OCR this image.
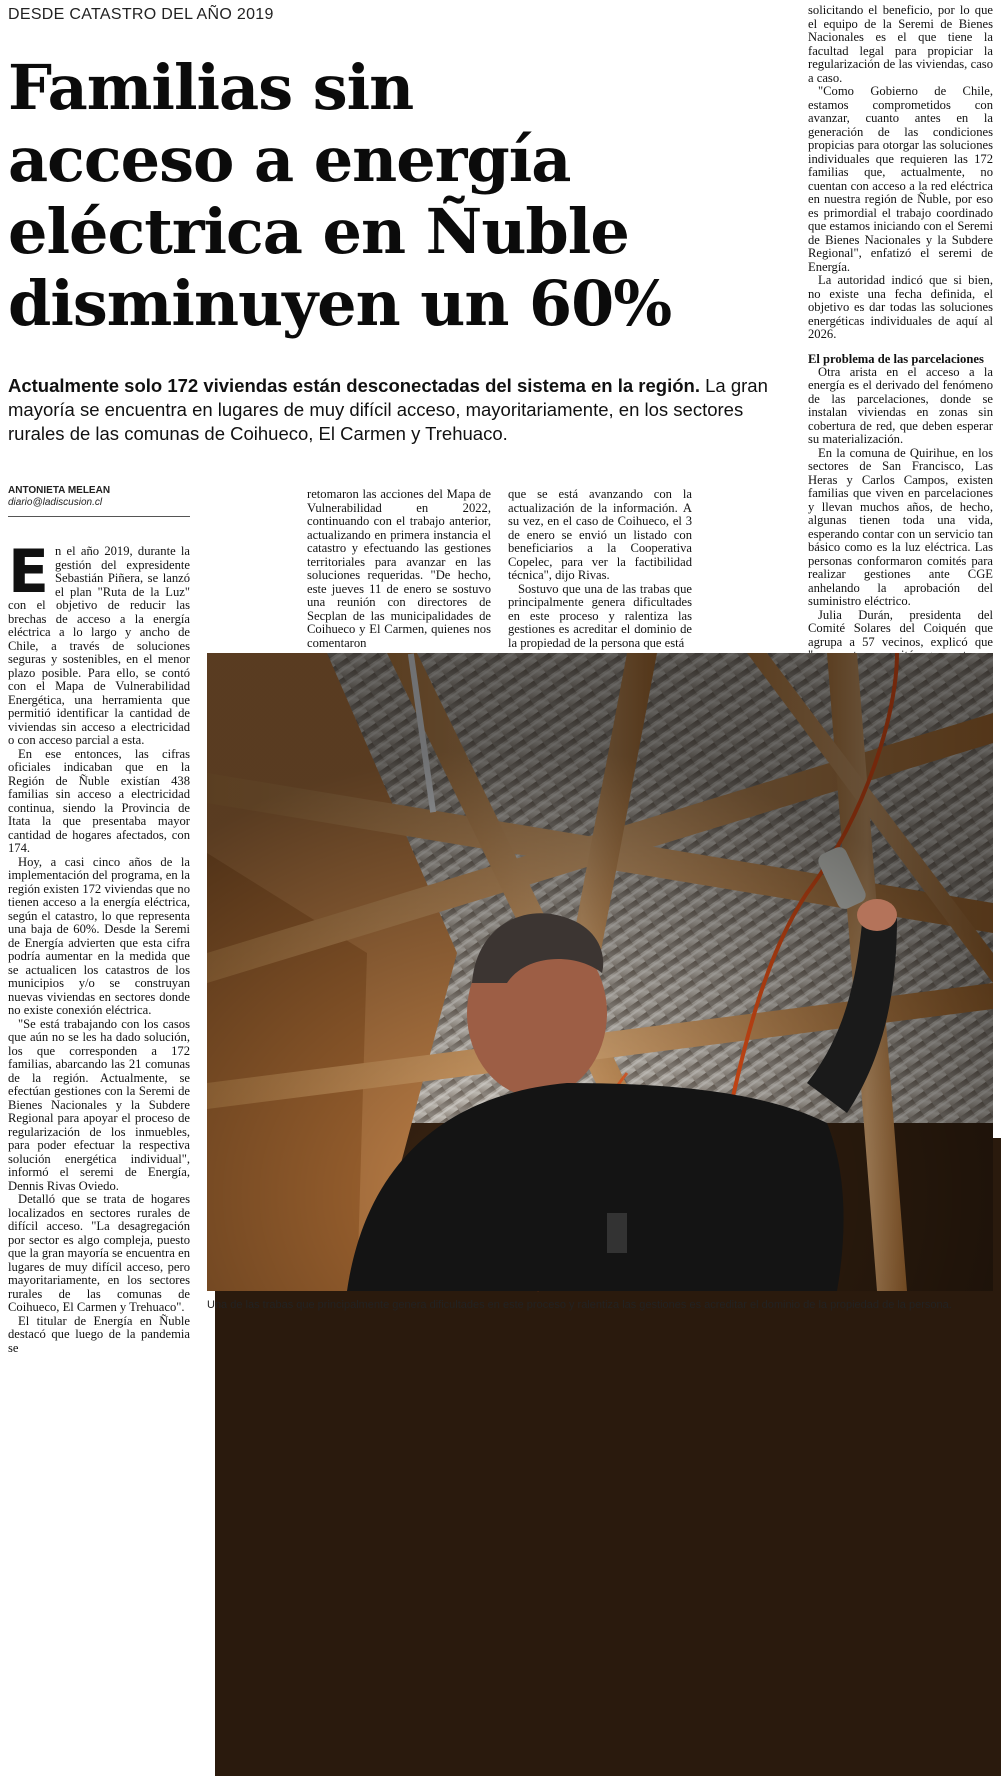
DESDE CATASTRO DEL AÑO 2019
Familias sin
acceso a energía
eléctrica en Ñuble
disminuyen un 60%
Actualmente solo 172 viviendas están desconectadas del sistema en la región. La gran mayoría se encuentra en lugares de muy difícil acceso, mayoritariamente, en los sectores rurales de las comunas de Coihueco, El Carmen y Trehuaco.
ANTONIETA MELEAN
diario@ladiscusion.cl

En el año 2019, durante la gestión del expresidente Sebastián Piñera, se lanzó el plan "Ruta de la Luz" con el objetivo de reducir las brechas de acceso a la energía eléctrica a lo largo y ancho de Chile, a través de soluciones seguras y sostenibles, en el menor plazo posible. Para ello, se contó con el Mapa de Vulnerabilidad Energética, una herramienta que permitió identificar la cantidad de viviendas sin acceso a electricidad o con acceso parcial a esta.

En ese entonces, las cifras oficiales indicaban que en la Región de Ñuble existían 438 familias sin acceso a electricidad continua, siendo la Provincia de Itata la que presentaba mayor cantidad de hogares afectados, con 174.

Hoy, a casi cinco años de la implementación del programa, en la región existen 172 viviendas que no tienen acceso a la energía eléctrica, según el catastro, lo que representa una baja de 60%. Desde la Seremi de Energía advierten que esta cifra podría aumentar en la medida que se actualicen los catastros de los municipios y/o se construyan nuevas viviendas en sectores donde no existe conexión eléctrica.

"Se está trabajando con los casos que aún no se les ha dado solución, los que corresponden a 172 familias, abarcando las 21 comunas de la región. Actualmente, se efectúan gestiones con la Seremi de Bienes Nacionales y la Subdere Regional para apoyar el proceso de regularización de los inmuebles, para poder efectuar la respectiva solución energética individual", informó el seremi de Energía, Dennis Rivas Oviedo.

Detalló que se trata de hogares localizados en sectores rurales de difícil acceso. "La desagregación por sector es algo compleja, puesto que la gran mayoría se encuentra en lugares de muy difícil acceso, pero mayoritariamente, en los sectores rurales de las comunas de Coihueco, El Carmen y Trehuaco".

El titular de Energía en Ñuble destacó que luego de la pandemia se

retomaron las acciones del Mapa de Vulnerabilidad en 2022, continuando con el trabajo anterior, actualizando en primera instancia el catastro y efectuando las gestiones territoriales para avanzar en las soluciones requeridas. "De hecho, este jueves 11 de enero se sostuvo una reunión con directores de Secplan de las municipalidades de Coihueco y El Carmen, quienes nos comentaron

que se está avanzando con la actualización de la información. A su vez, en el caso de Coihueco, el 3 de enero se envió un listado con beneficiarios a la Cooperativa Copelec, para ver la factibilidad técnica", dijo Rivas.

Sostuvo que una de las trabas que principalmente genera dificultades en este proceso y ralentiza las gestiones es acreditar el dominio de la propiedad de la persona que está

solicitando el beneficio, por lo que el equipo de la Seremi de Bienes Nacionales es el que tiene la facultad legal para propiciar la regularización de las viviendas, caso a caso.

"Como Gobierno de Chile, estamos comprometidos con avanzar, cuanto antes en la generación de las condiciones propicias para otorgar las soluciones individuales que requieren las 172 familias que, actualmente, no cuentan con acceso a la red eléctrica en nuestra región de Ñuble, por eso es primordial el trabajo coordinado que estamos iniciando con el Seremi de Bienes Nacionales y la Subdere Regional", enfatizó el seremi de Energía.

La autoridad indicó que si bien, no existe una fecha definida, el objetivo es dar todas las soluciones energéticas individuales de aquí al 2026.

El problema de las parcelaciones

Otra arista en el acceso a la energía es el derivado del fenómeno de las parcelaciones, donde se instalan viviendas en zonas sin cobertura de red, que deben esperar su materialización.

En la comuna de Quirihue, en los sectores de San Francisco, Las Heras y Carlos Campos, existen familias que viven en parcelaciones y llevan muchos años, de hecho, algunas tienen toda una vida, esperando contar con un servicio tan básico como es la luz eléctrica. Las personas conformaron comités para realizar gestiones ante CGE anhelando la aprobación del suministro eléctrico.

Julia Durán, presidenta del Comité Solares del Coiquén que agrupa a 57 vecinos, explicó que

Una de las trabas que principalmente genera dificultades en este proceso y ralentiza las gestiones es acreditar el dominio de la propiedad de la persona.
